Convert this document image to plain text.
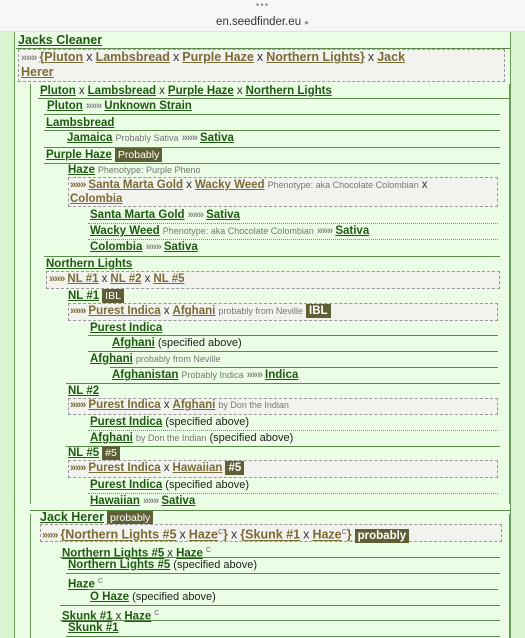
•••
en.seedfinder.eu ●
Jacks Cleaner
»»» {Pluton x Lambsbread x Purple Haze x Northern Lights} x Jack
Herer
Pluton x Lambsbread x Purple Haze x Northern Lights
Pluton »»» Unknown Strain
Lambsbread
Jamaica Probably Sativa »»» Sativa
Purple Haze Probably
Haze Phenotype: Purple Pheno
»»» Santa Marta Gold x Wacky Weed Phenotype: aka Chocolate Colombian x
Colombia
Santa Marta Gold »»» Sativa
Wacky Weed Phenotype: aka Chocolate Colombian »»» Sativa
Colombia »»» Sativa
Northern Lights
»»» NL #1 x NL #2 x NL #5
NL #1 IBL
»»» Purest Indica x Afghani probably from Neville IBL
Purest Indica
Afghani (specified above)
Afghani probably from Neville
Afghanistan Probably Indica »»» Indica
NL #2
»»» Purest Indica x Afghani by Don the Indian
Purest Indica (specified above)
Afghani by Don the Indian (specified above)
NL #5 #5
»»» Purest Indica x Hawaiian #5
Purest Indica (specified above)
Hawaiian »»» Sativa
Jack Herer probably
»»» {Northern Lights #5 x Haze$^C$} x {Skunk #1 x Haze$^C$} probably
Northern Lights #5 x Haze $^C$
Northern Lights #5 (specified above)
Haze $^C$
O Haze (specified above)
Skunk #1 x Haze $^C$
Skunk #1
